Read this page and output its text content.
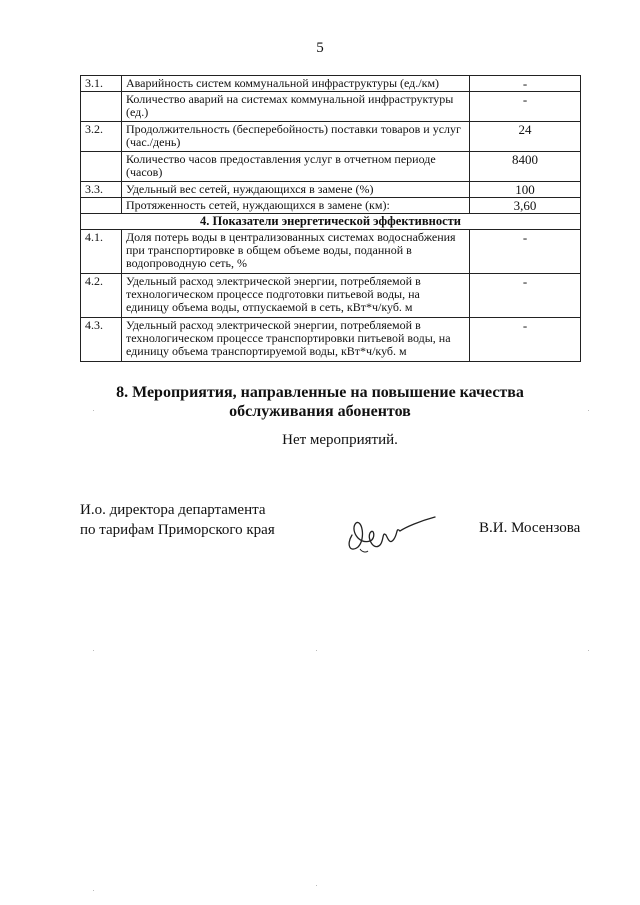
5
3.1.	Аварийность систем коммунальной инфраструктуры (ед./км)	-
	Количество аварий на системах коммунальной инфраструктуры (ед.)	-
3.2.	Продолжительность (бесперебойность) поставки товаров и услуг (час./день)	24
	Количество часов предоставления услуг в отчетном периоде (часов)	8400
3.3.	Удельный вес сетей, нуждающихся в замене (%)	100
	Протяженность сетей, нуждающихся в замене (км):	3,60
4. Показатели энергетической эффективности		
4.1.	Доля потерь воды в централизованных системах водоснабжения при транспортировке в общем объеме воды, поданной в водопроводную сеть, %	-
4.2.	Удельный расход электрической энергии, потребляемой в технологическом процессе подготовки питьевой воды, на единицу объема воды, отпускаемой в сеть, кВт*ч/куб. м	-
4.3.	Удельный расход электрической энергии, потребляемой в технологическом процессе транспортировки питьевой воды, на единицу объема транспортируемой воды, кВт*ч/куб. м	-
8. Мероприятия, направленные на повышение качества
обслуживания абонентов
Нет мероприятий.
И.о. директора департамента
по тарифам Приморского края	В.И. Мосензова
